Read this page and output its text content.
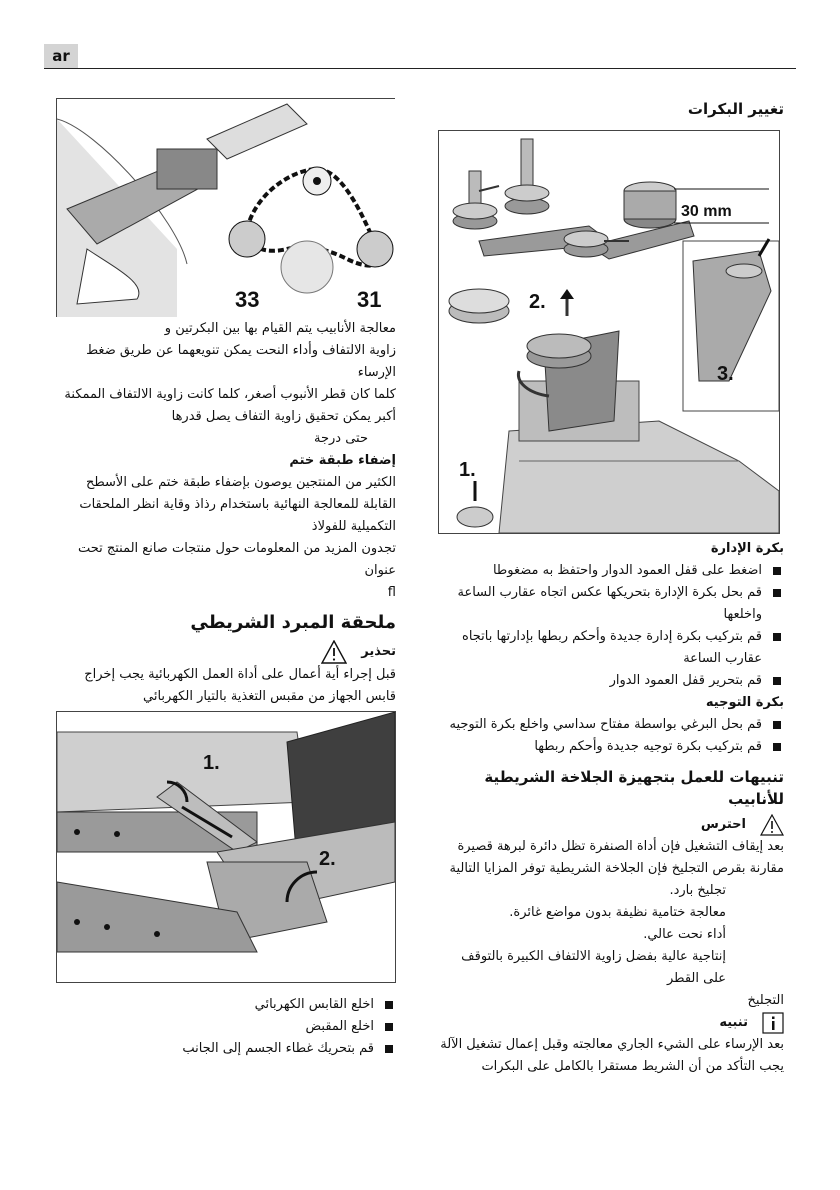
ar
تغيير البكرات
30 mm
2.
3.
1.
بكرة الإدارة
اضغط على قفل العمود الدوار واحتفظ به مضغوطا
قم بحل بكرة الإدارة بتحريكها عكس اتجاه عقارب الساعة واخلعها
قم بتركيب بكرة إدارة جديدة وأحكم ربطها بإدارتها باتجاه عقارب الساعة
قم بتحرير قفل العمود الدوار
بكرة التوجيه
قم بحل البرغي بواسطة مفتاح سداسي واخلع بكرة التوجيه
قم بتركيب بكرة توجيه جديدة وأحكم ربطها
تنبيهات للعمل بتجهيزة الجلاخة الشريطية للأنابيب
احترس

بعد إيقاف التشغيل فإن أداة الصنفرة تظل دائرة لبرهة قصيرة

مقارنة بقرص التجليخ فإن الجلاخة الشريطية توفر المزايا التالية

تجليخ بارد.
معالجة ختامية نظيفة بدون مواضع غائرة.
أداء نحت عالي.
إنتاجية عالية بفضل زاوية الالتفاف الكبيرة بالتوقف على القطر

التجليخ

تنبيه

بعد الإرساء على الشيء الجاري معالجته وقبل إعمال تشغيل الآلة يجب التأكد من أن الشريط مستقرا بالكامل على البكرات

33	31

معالجة الأنابيب يتم القيام بها بين البكرتين و

زاوية الالتفاف وأداء النحت يمكن تنويعهما عن طريق ضغط الإرساء

كلما كان قطر الأنبوب أصغر، كلما كانت زاوية الالتفاف الممكنة أكبر يمكن تحقيق زاوية التفاف يصل قدرها

حتى درجة

إضفاء طبقة ختم

الكثير من المنتجين يوصون بإضفاء طبقة ختم على الأسطح القابلة للمعالجة النهائية باستخدام رذاذ وقاية انظر الملحقات التكميلية للفولاذ

تجدون المزيد من المعلومات حول منتجات صانع المنتج تحت عنوان

fl

ملحقة المبرد الشريطي
تحذير

قبل إجراء أية أعمال على أداة العمل الكهربائية يجب إخراج قابس الجهاز من مقبس التغذية بالتيار الكهربائي

1.
2.
اخلع القابس الكهربائي
اخلع المقبض
قم بتحريك غطاء الجسم إلى الجانب
